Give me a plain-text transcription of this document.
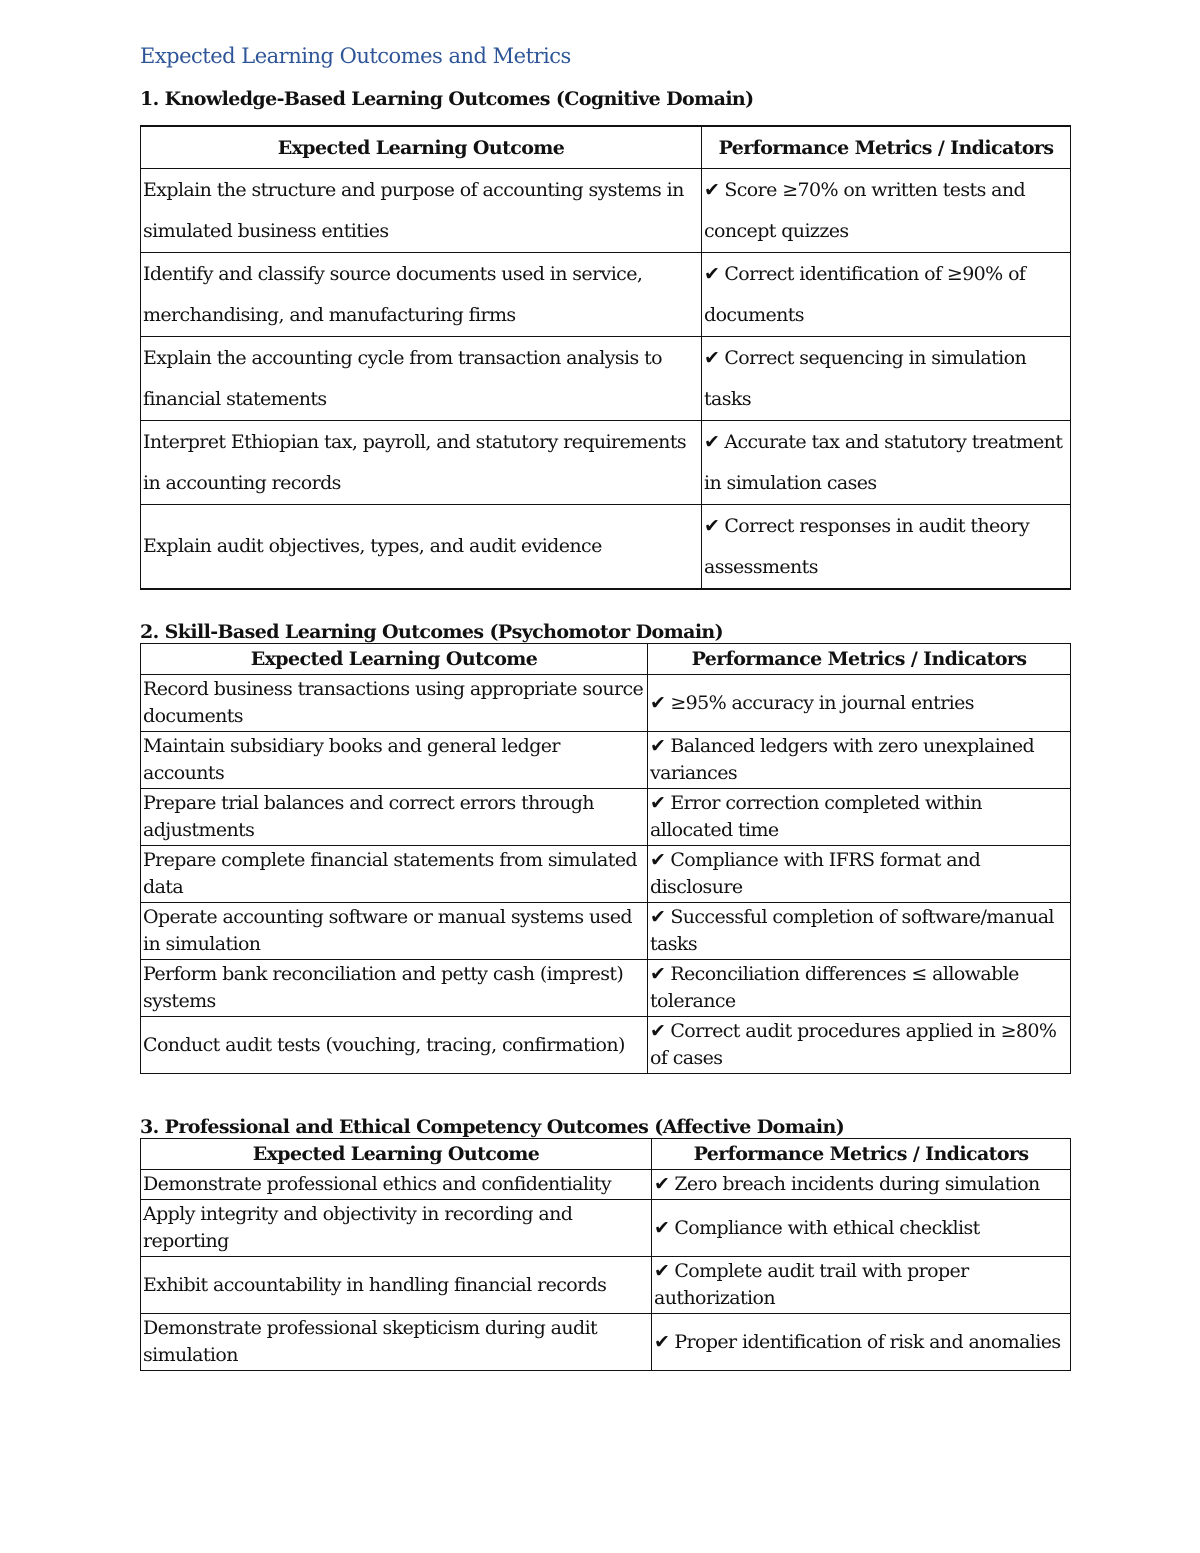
Expected Learning Outcomes and Metrics
1. Knowledge-Based Learning Outcomes (Cognitive Domain)
Expected Learning Outcome	Performance Metrics / Indicators
Explain the structure and purpose of accounting systems in simulated business entities	✔ Score ≥70% on written tests and concept quizzes
Identify and classify source documents used in service, merchandising, and manufacturing firms	✔ Correct identification of ≥90% of documents
Explain the accounting cycle from transaction analysis to financial statements	✔ Correct sequencing in simulation tasks
Interpret Ethiopian tax, payroll, and statutory requirements in accounting records	✔ Accurate tax and statutory treatment in simulation cases
Explain audit objectives, types, and audit evidence	✔ Correct responses in audit theory assessments
2. Skill-Based Learning Outcomes (Psychomotor Domain)
Expected Learning Outcome	Performance Metrics / Indicators
Record business transactions using appropriate source documents	✔ ≥95% accuracy in journal entries
Maintain subsidiary books and general ledger accounts	✔ Balanced ledgers with zero unexplained variances
Prepare trial balances and correct errors through adjustments	✔ Error correction completed within allocated time
Prepare complete financial statements from simulated data	✔ Compliance with IFRS format and disclosure
Operate accounting software or manual systems used in simulation	✔ Successful completion of software/manual tasks
Perform bank reconciliation and petty cash (imprest) systems	✔ Reconciliation differences ≤ allowable tolerance
Conduct audit tests (vouching, tracing, confirmation)	✔ Correct audit procedures applied in ≥80% of cases
3. Professional and Ethical Competency Outcomes (Affective Domain)
Expected Learning Outcome	Performance Metrics / Indicators
Demonstrate professional ethics and confidentiality	✔ Zero breach incidents during simulation
Apply integrity and objectivity in recording and reporting	✔ Compliance with ethical checklist
Exhibit accountability in handling financial records	✔ Complete audit trail with proper authorization
Demonstrate professional skepticism during audit simulation	✔ Proper identification of risk and anomalies
